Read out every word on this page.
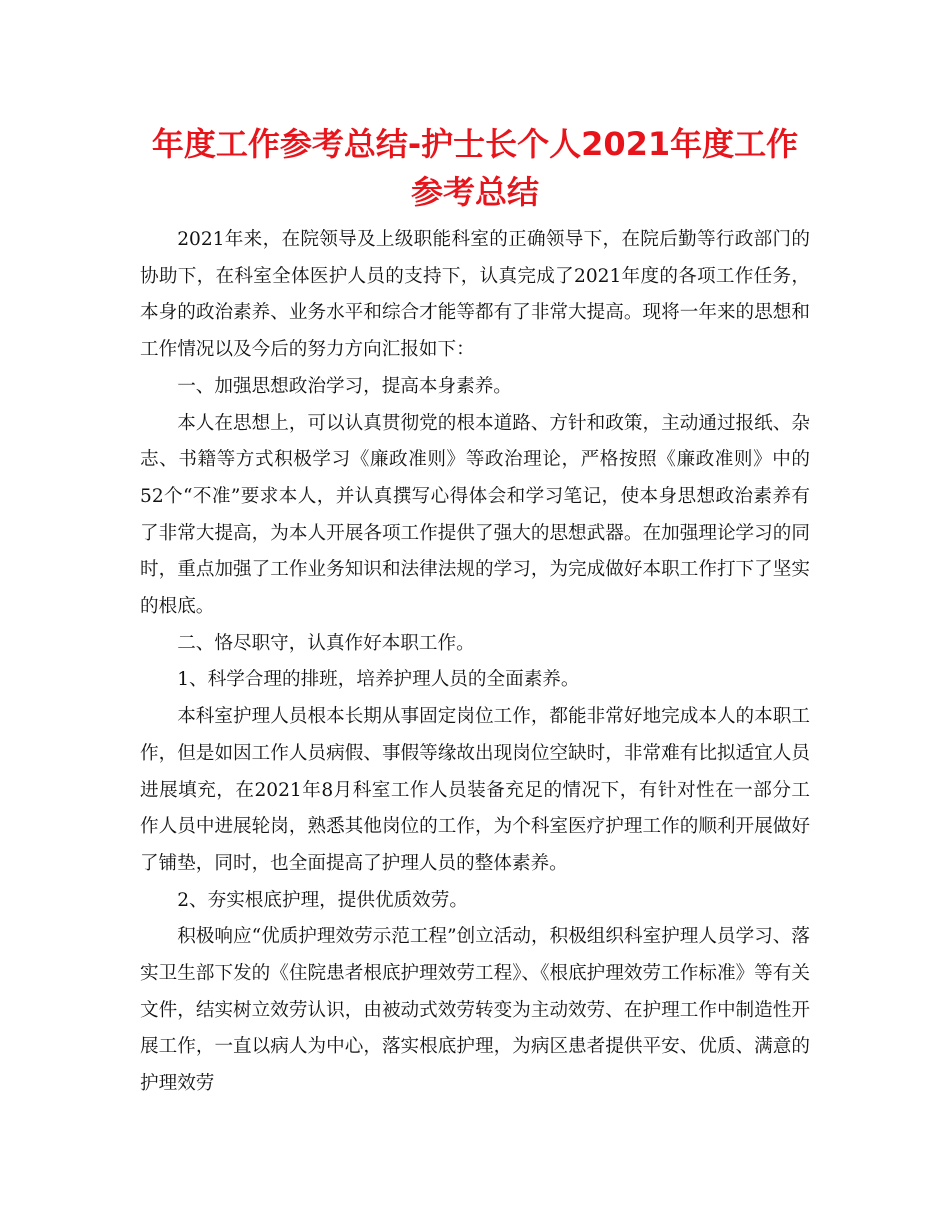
年度工作参考总结-护士长个人2021年度工作参考总结

2021年来，在院领导及上级职能科室的正确领导下，在院后勤等行政部门的协助下，在科室全体医护人员的支持下，认真完成了2021年度的各项工作任务，本身的政治素养、业务水平和综合才能等都有了非常大提高。现将一年来的思想和工作情况以及今后的努力方向汇报如下：

一、加强思想政治学习，提高本身素养。

本人在思想上，可以认真贯彻党的根本道路、方针和政策，主动通过报纸、杂志、书籍等方式积极学习《廉政准则》等政治理论，严格按照《廉政准则》中的52个“不准”要求本人，并认真撰写心得体会和学习笔记，使本身思想政治素养有了非常大提高，为本人开展各项工作提供了强大的思想武器。在加强理论学习的同时，重点加强了工作业务知识和法律法规的学习，为完成做好本职工作打下了坚实的根底。

二、恪尽职守，认真作好本职工作。

1、科学合理的排班，培养护理人员的全面素养。

本科室护理人员根本长期从事固定岗位工作，都能非常好地完成本人的本职工作，但是如因工作人员病假、事假等缘故出现岗位空缺时，非常难有比拟适宜人员进展填充，在2021年8月科室工作人员装备充足的情况下，有针对性在一部分工作人员中进展轮岗，熟悉其他岗位的工作，为个科室医疗护理工作的顺利开展做好了铺垫，同时，也全面提高了护理人员的整体素养。

2、夯实根底护理，提供优质效劳。

积极响应“优质护理效劳示范工程”创立活动，积极组织科室护理人员学习、落实卫生部下发的《住院患者根底护理效劳工程》、《根底护理效劳工作标准》等有关文件，结实树立效劳认识，由被动式效劳转变为主动效劳、在护理工作中制造性开展工作，一直以病人为中心，落实根底护理，为病区患者提供平安、优质、满意的护理效劳
